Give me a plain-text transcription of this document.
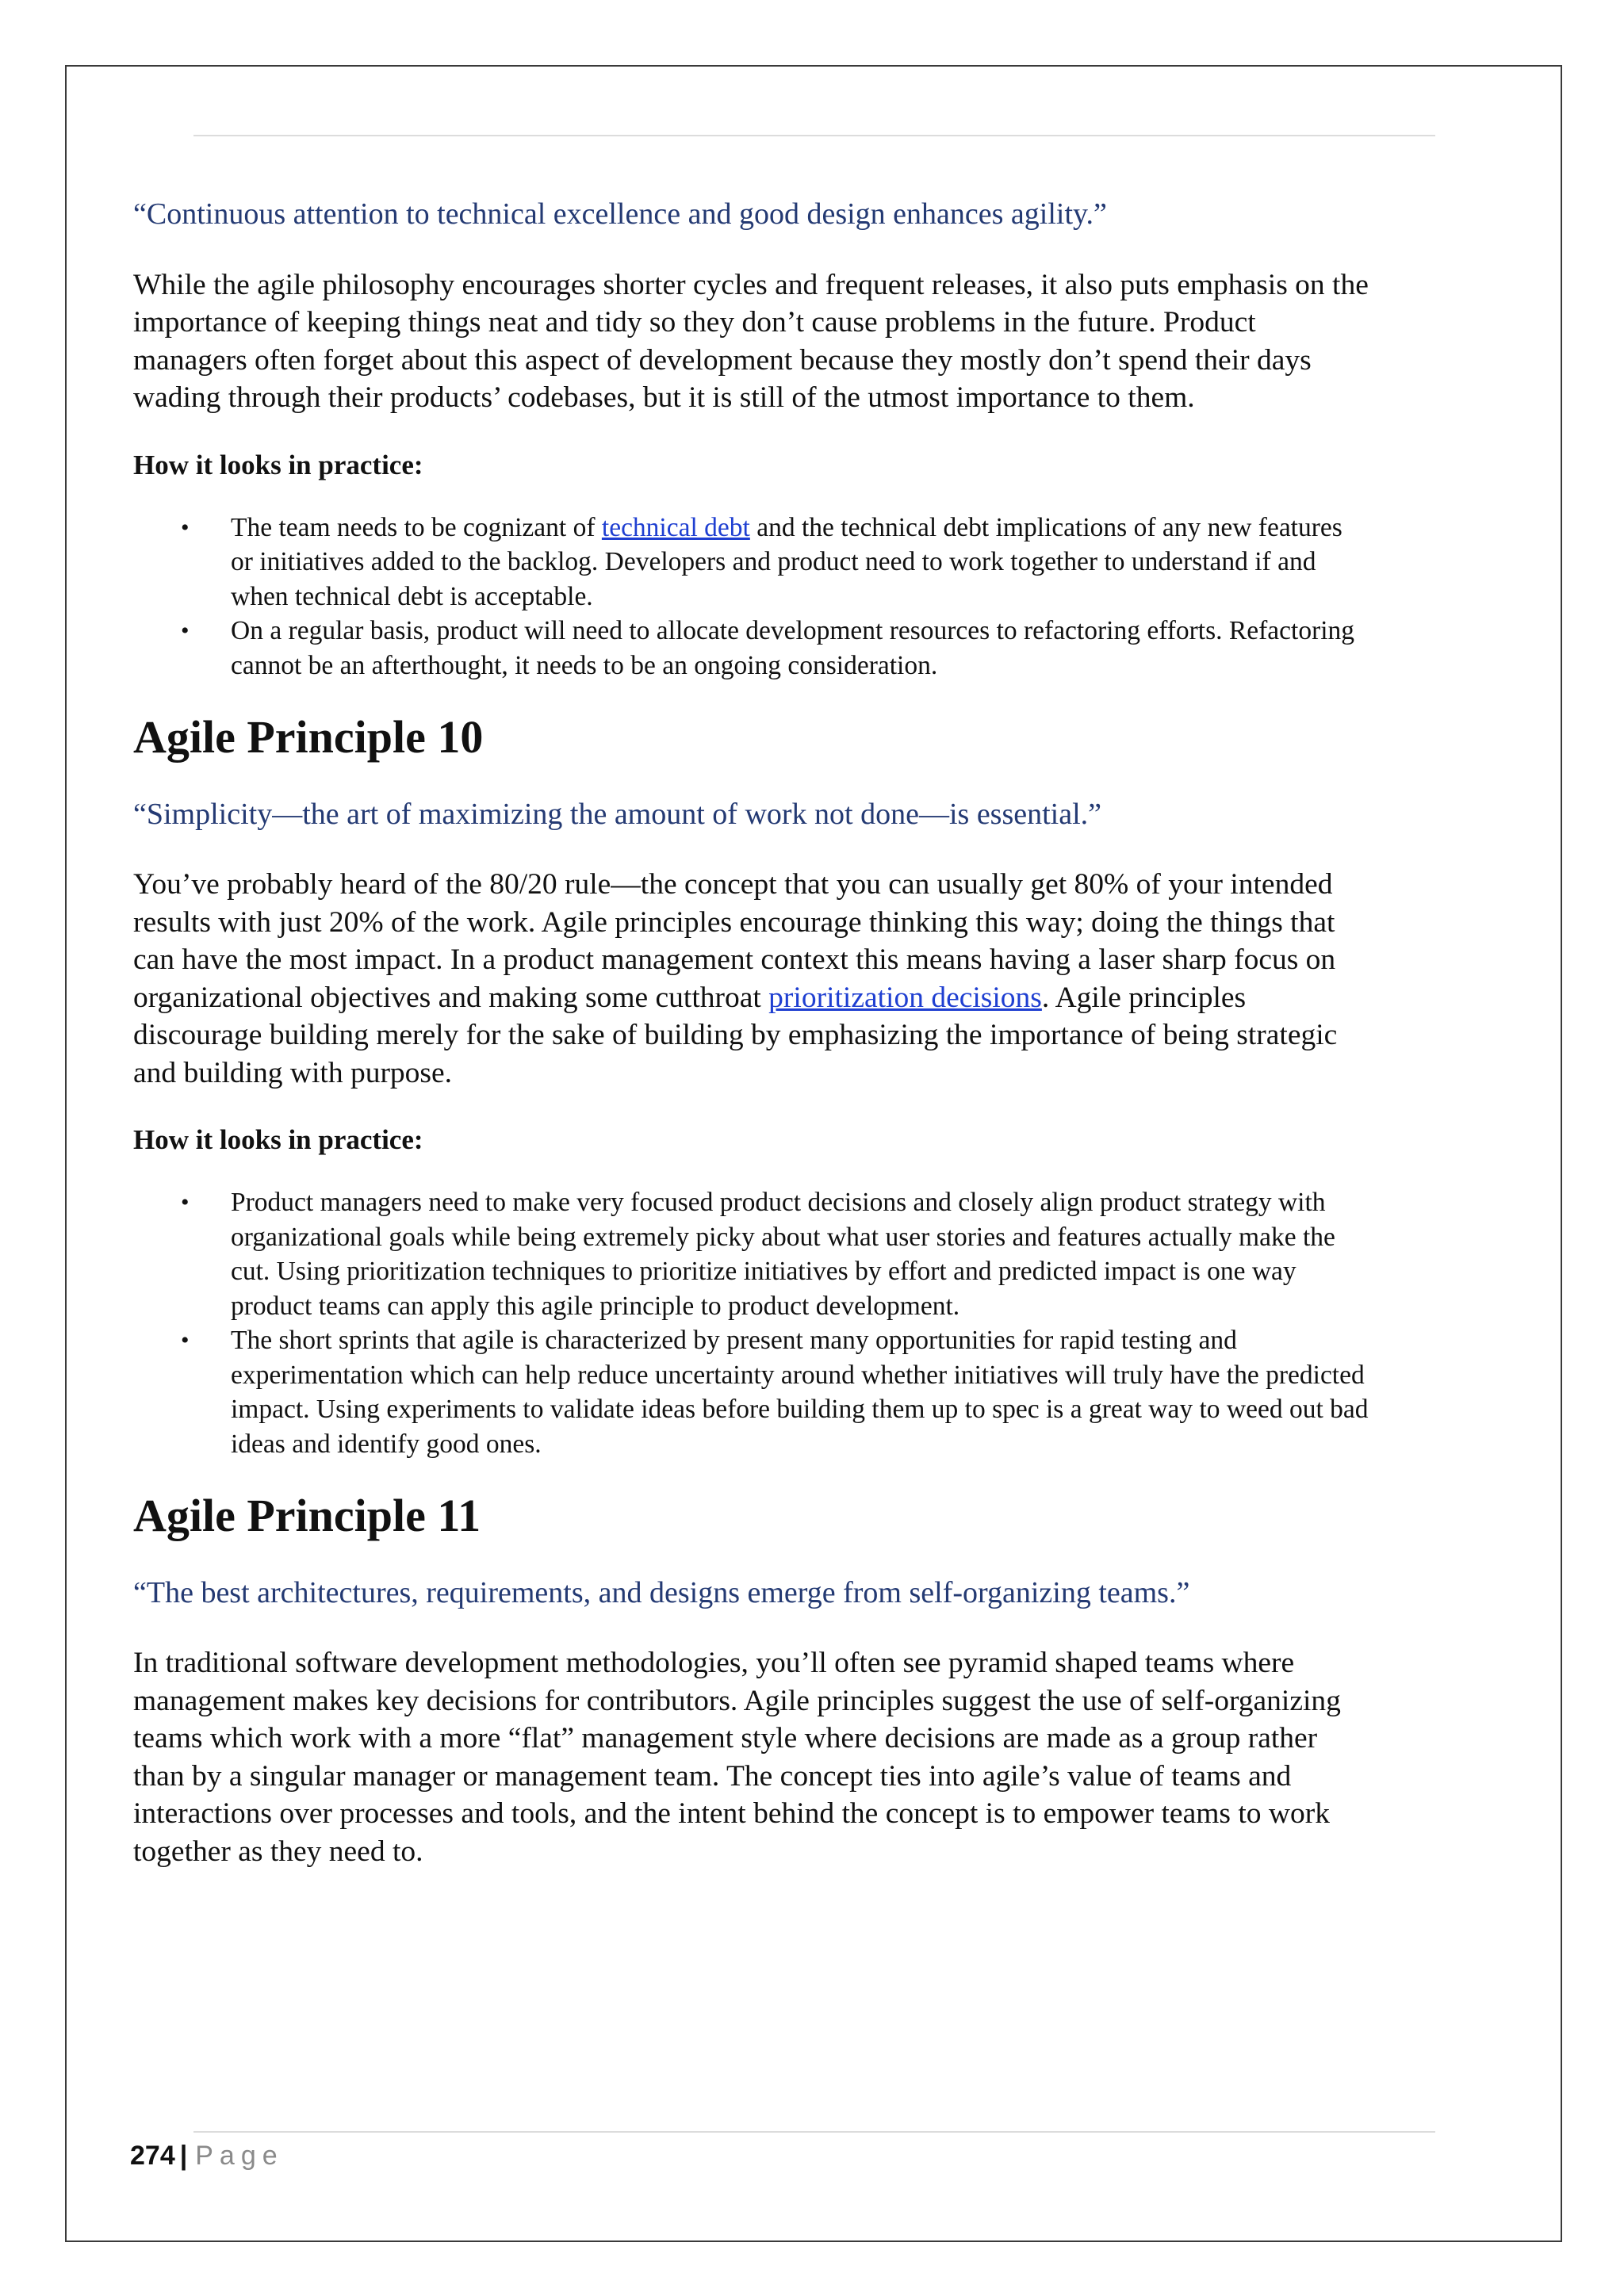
“Continuous attention to technical excellence and good design enhances agility.”

While the agile philosophy encourages shorter cycles and frequent releases, it also puts emphasis on the importance of keeping things neat and tidy so they don’t cause problems in the future. Product managers often forget about this aspect of development because they mostly don’t spend their days wading through their products’ codebases, but it is still of the utmost importance to them.

How it looks in practice:

• The team needs to be cognizant of technical debt and the technical debt implications of any new features or initiatives added to the backlog. Developers and product need to work together to understand if and when technical debt is acceptable.
• On a regular basis, product will need to allocate development resources to refactoring efforts. Refactoring cannot be an afterthought, it needs to be an ongoing consideration.
Agile Principle 10

“Simplicity—the art of maximizing the amount of work not done—is essential.”

You’ve probably heard of the 80/20 rule—the concept that you can usually get 80% of your intended results with just 20% of the work. Agile principles encourage thinking this way; doing the things that can have the most impact. In a product management context this means having a laser sharp focus on organizational objectives and making some cutthroat prioritization decisions. Agile principles discourage building merely for the sake of building by emphasizing the importance of being strategic and building with purpose.

How it looks in practice:

• Product managers need to make very focused product decisions and closely align product strategy with organizational goals while being extremely picky about what user stories and features actually make the cut. Using prioritization techniques to prioritize initiatives by effort and predicted impact is one way product teams can apply this agile principle to product development.
• The short sprints that agile is characterized by present many opportunities for rapid testing and experimentation which can help reduce uncertainty around whether initiatives will truly have the predicted impact. Using experiments to validate ideas before building them up to spec is a great way to weed out bad ideas and identify good ones.
Agile Principle 11

“The best architectures, requirements, and designs emerge from self-organizing teams.”

In traditional software development methodologies, you’ll often see pyramid shaped teams where management makes key decisions for contributors. Agile principles suggest the use of self-organizing teams which work with a more “flat” management style where decisions are made as a group rather than by a singular manager or management team. The concept ties into agile’s value of teams and interactions over processes and tools, and the intent behind the concept is to empower teams to work together as they need to.

274 | Page
